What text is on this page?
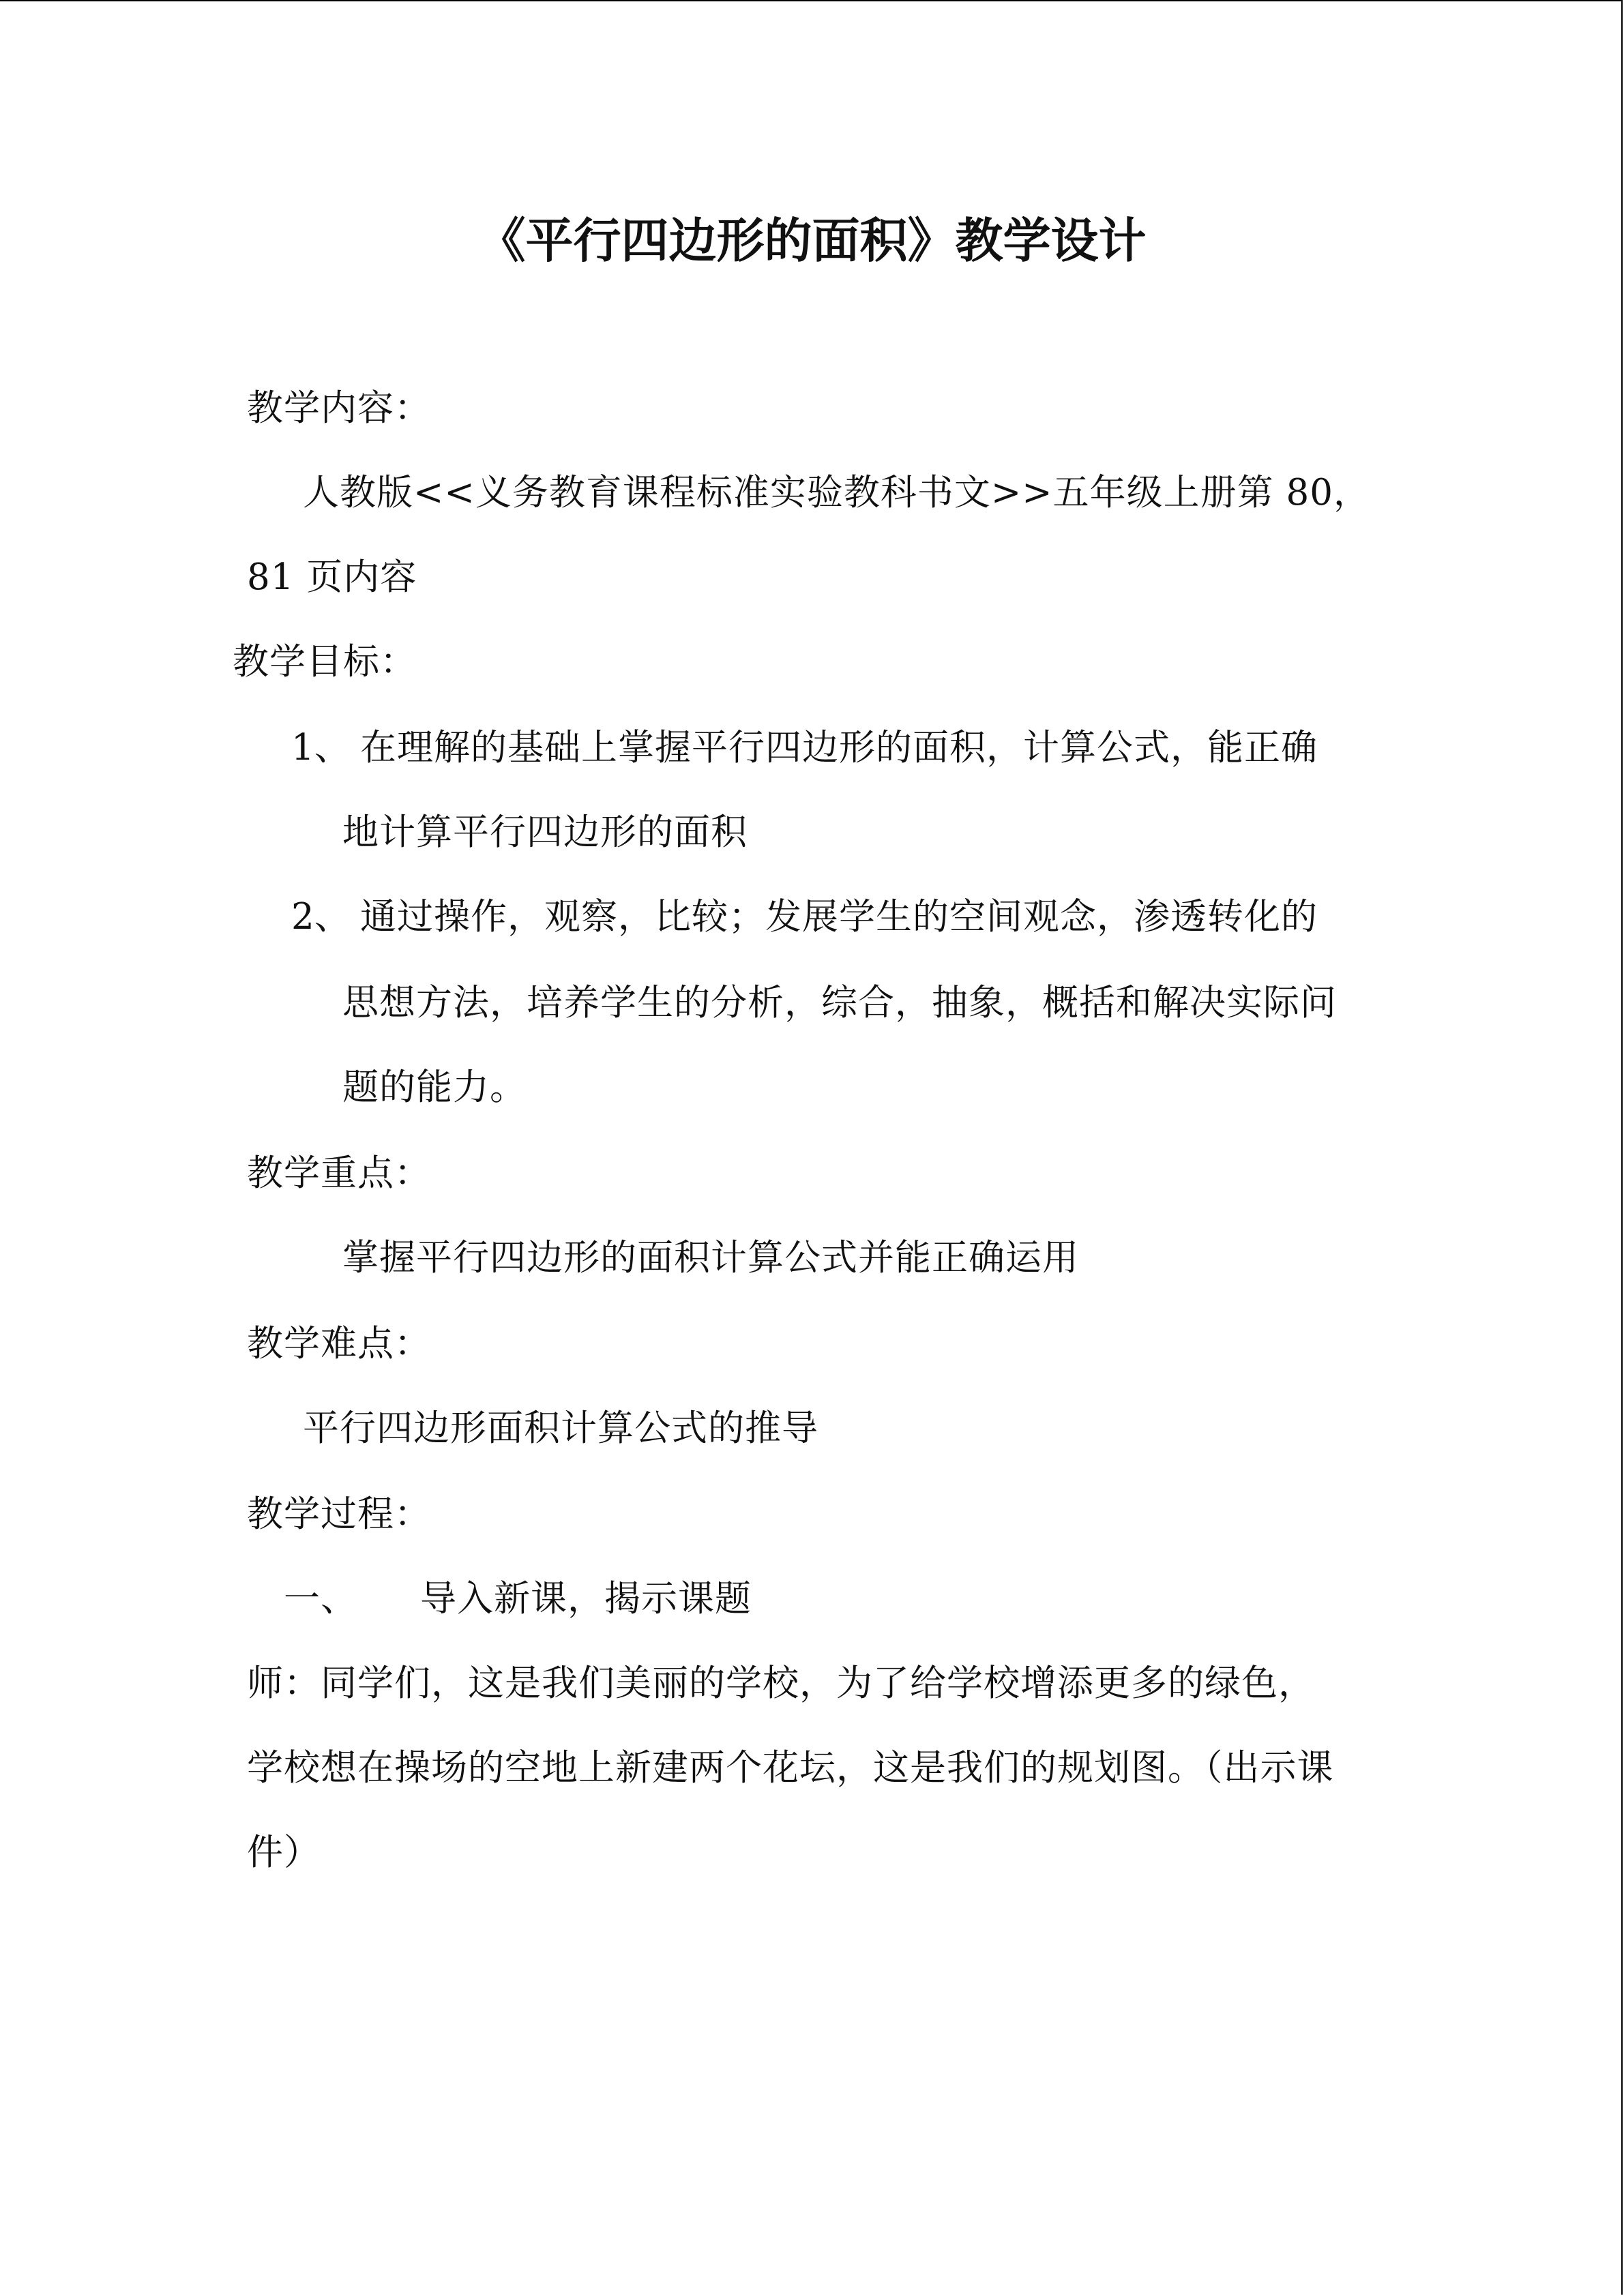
《平行四边形的面积》教学设计
教学内容：
人教版<<义务教育课程标准实验教科书文>>五年级上册第 80，
81 页内容
教学目标：
1、 在理解的基础上掌握平行四边形的面积，计算公式，能正确
地计算平行四边形的面积
2、 通过操作，观察，比较；发展学生的空间观念，渗透转化的
思想方法，培养学生的分析，综合，抽象，概括和解决实际问
题的能力。
教学重点：
掌握平行四边形的面积计算公式并能正确运用
教学难点：
平行四边形面积计算公式的推导
教学过程：
一、 导入新课，揭示课题
师：同学们，这是我们美丽的学校，为了给学校增添更多的绿色，
学校想在操场的空地上新建两个花坛，这是我们的规划图。（出示课
件）
